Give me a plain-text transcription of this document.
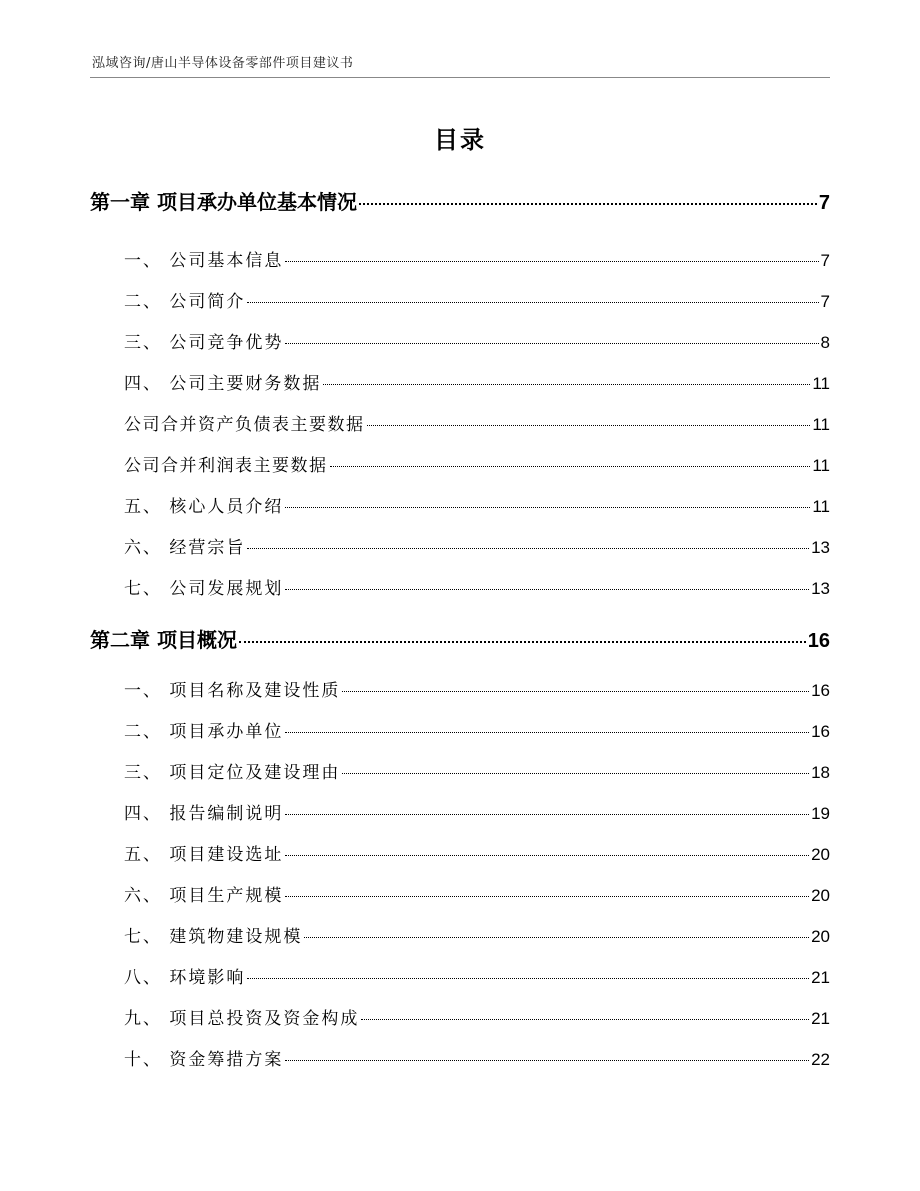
泓域咨询/唐山半导体设备零部件项目建议书
目录
第一章 项目承办单位基本情况	7
一、 公司基本信息	7
二、 公司简介	7
三、 公司竞争优势	8
四、 公司主要财务数据	11
公司合并资产负债表主要数据	11
公司合并利润表主要数据	11
五、 核心人员介绍	11
六、 经营宗旨	13
七、 公司发展规划	13
第二章 项目概况	16
一、 项目名称及建设性质	16
二、 项目承办单位	16
三、 项目定位及建设理由	18
四、 报告编制说明	19
五、 项目建设选址	20
六、 项目生产规模	20
七、 建筑物建设规模	20
八、 环境影响	21
九、 项目总投资及资金构成	21
十、 资金筹措方案	22
